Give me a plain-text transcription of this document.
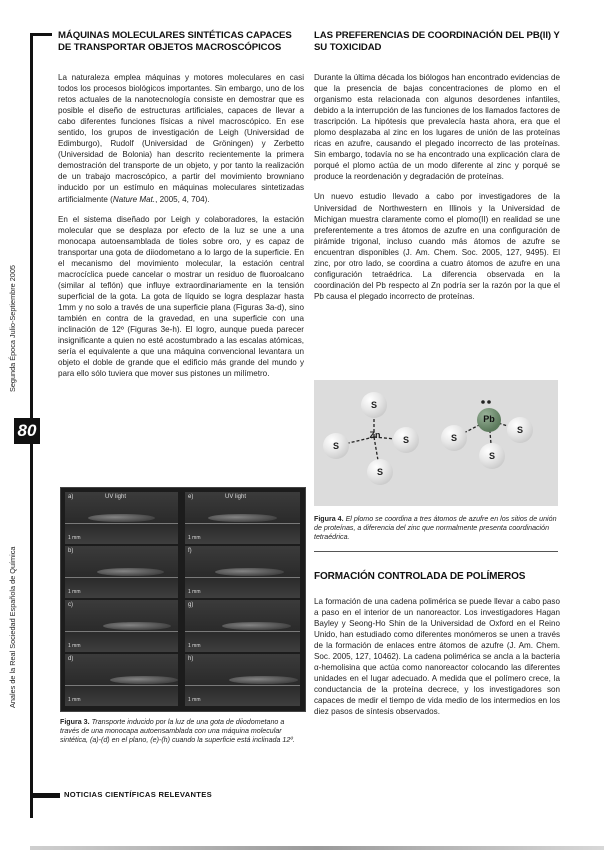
Segunda Época Julio-Septiembre 2005
80
Anales de la Real Sociedad Española de Química
MÁQUINAS MOLECULARES SINTÉTICAS CAPACES DE TRANSPORTAR OBJETOS MACROSCÓPICOS

La naturaleza emplea máquinas y motores moleculares en casi todos los procesos biológicos importantes. Sin embargo, uno de los retos actuales de la nanotecnología consiste en demostrar que es posible el diseño de estructuras artificiales, capaces de llevar a cabo diferentes funciones físicas a nivel macroscópico. En ese sentido, los grupos de investigación de Leigh (Universidad de Edimburgo), Rudolf (Universidad de Gröningen) y Zerbetto (Universidad de Bolonia) han descrito recientemente la primera demostración del transporte de un objeto, y por tanto la realización de un trabajo macroscópico, a partir del movimiento browniano inducido por un estímulo en máquinas moleculares sintetizadas artificialmente (Nature Mat., 2005, 4, 704).

En el sistema diseñado por Leigh y colaboradores, la estación molecular que se desplaza por efecto de la luz se une a una monocapa autoensamblada de tioles sobre oro, y es capaz de transportar una gota de diiodometano a lo largo de la superficie. En el mecanismo del movimiento molecular, la estación central macrocíclica puede cancelar o mostrar un residuo de fluoroalcano (similar al teflón) que influye extraordinariamente en la tensión superficial de la gota. La gota de líquido se logra desplazar hasta 1mm y no solo a través de una superficie plana (Figuras 3a-d), sino también en contra de la gravedad, en una superficie con una inclinación de 12º (Figuras 3e-h). El logro, aunque pueda parecer insignificante a quien no esté acostumbrado a las escalas atómicas, sería el equivalente a que una máquina convencional levantara un objeto el doble de grande que el edificio más grande del mundo y para ello sólo tuviera que mover sus pistones un milímetro.

a)	UV light
1 mm
b)
1 mm
c)
1 mm
d)
1 mm
e)	UV light
1 mm
f)
1 mm
g)
1 mm
h)
1 mm
Figura 3. Transporte inducido por la luz de una gota de diiodometano a través de una monocapa autoensamblada con una máquina molecular sintética, (a)-(d) en el plano, (e)-(h) cuando la superficie está inclinada 12º.
LAS PREFERENCIAS DE COORDINACIÓN DEL PB(II) Y SU TOXICIDAD

Durante la última década los biólogos han encontrado evidencias de que la presencia de bajas concentraciones de plomo en el organismo esta relacionada con algunos desordenes infantiles, debido a la interrupción de las funciones de los llamados factores de trascripción. La hipótesis que prevalecía hasta ahora, era que el plomo desplazaba al zinc en los lugares de unión de las proteínas ricas en azufre, causando el plegado incorrecto de las proteínas. Sin embargo, todavía no se ha encontrado una explicación clara de porqué el plomo actúa de un modo diferente al zinc y porqué se produce la reordenación y degradación de proteínas.

Un nuevo estudio llevado a cabo por investigadores de la Universidad de Northwestern en Illinois y la Universidad de Michigan muestra claramente como el plomo(II) en realidad se une preferentemente a tres átomos de azufre en una configuración de pirámide trigonal, incluso cuando más átomos de azufre se encuentran disponibles (J. Am. Chem. Soc. 2005, 127, 9495). El zinc, por otro lado, se coordina a cuatro átomos de azufre en una configuración tetraédrica. La diferencia observada en la coordinación del Pb respecto al Zn podría ser la razón por la que el Pb causa el plegado incorrecto de proteínas.

S
S
S
S
Zn	S
S
S
Pb
Figura 4. El plomo se coordina a tres átomos de azufre en los sitios de unión de proteínas, a diferencia del zinc que normalmente presenta coordinación tetraédrica.
FORMACIÓN CONTROLADA DE POLÍMEROS
La formación de una cadena polimérica se puede llevar a cabo paso a paso en el interior de un nanoreactor. Los investigadores Hagan Bayley y Seong-Ho Shin de la Universidad de Oxford en el Reino Unido, han estudiado como diferentes monómeros se unen a través de la formación de enlaces entre átomos de azufre (J. Am. Chem. Soc. 2005, 127, 10462). La cadena polimérica se ancla a la bacteria α-hemolisina que actúa como nanoreactor colocando las diferentes unidades en el lugar adecuado. A medida que el polímero crece, la conductancia de la proteína decrece, y los investigadores son capaces de medir el tiempo de vida medio de los intermedios en los diez pasos de síntesis observados.
NOTICIAS CIENTÍFICAS RELEVANTES
